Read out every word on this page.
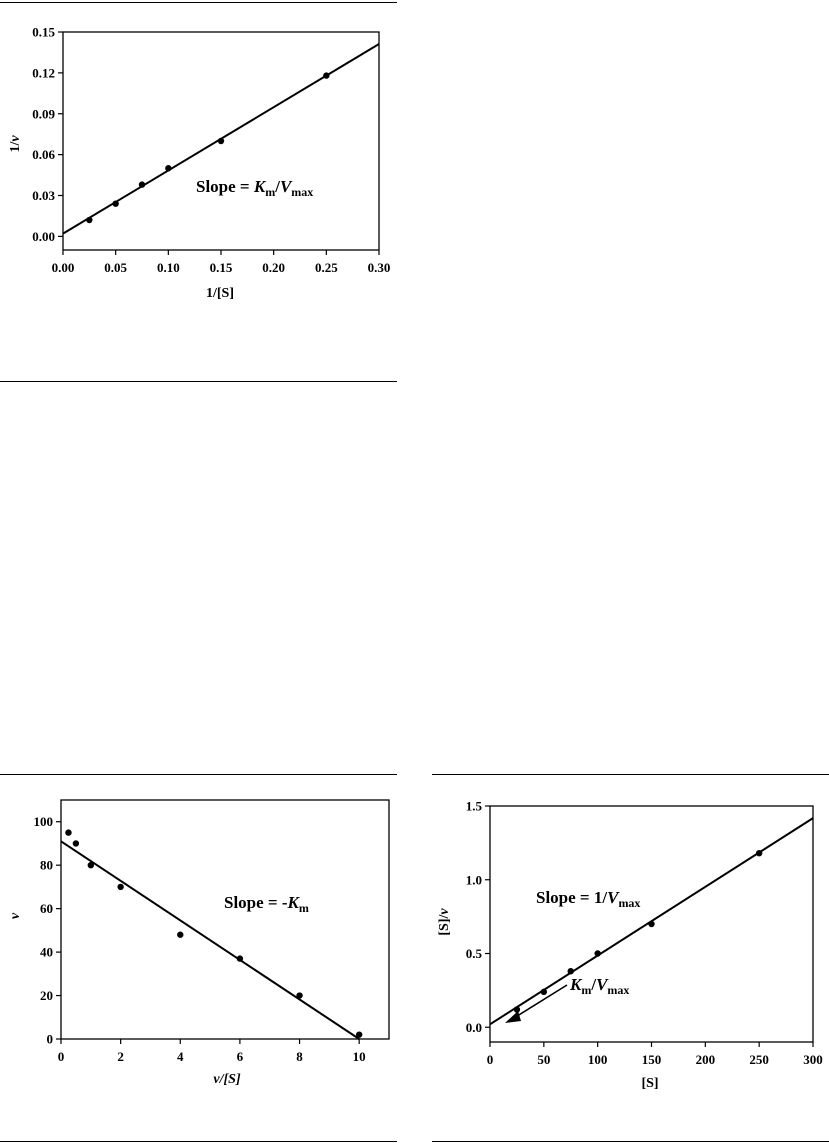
0.00 0.05 0.10 0.15 0.20 0.25 0.30
0.00
0.03
0.06
0.09
0.12
0.15
1/[S]
1/v
Slope = $K_m/V_{max}$
0	2	4	6	8	10
0
20
40
60
80
100
v/[S]
v
Slope = $-K_m$
0	50	100	150	200	250	300
0.0
0.5
1.0
1.5
[S]
[S]/v
Slope = $1/V_{max}$
$K_m/V_{max}$
